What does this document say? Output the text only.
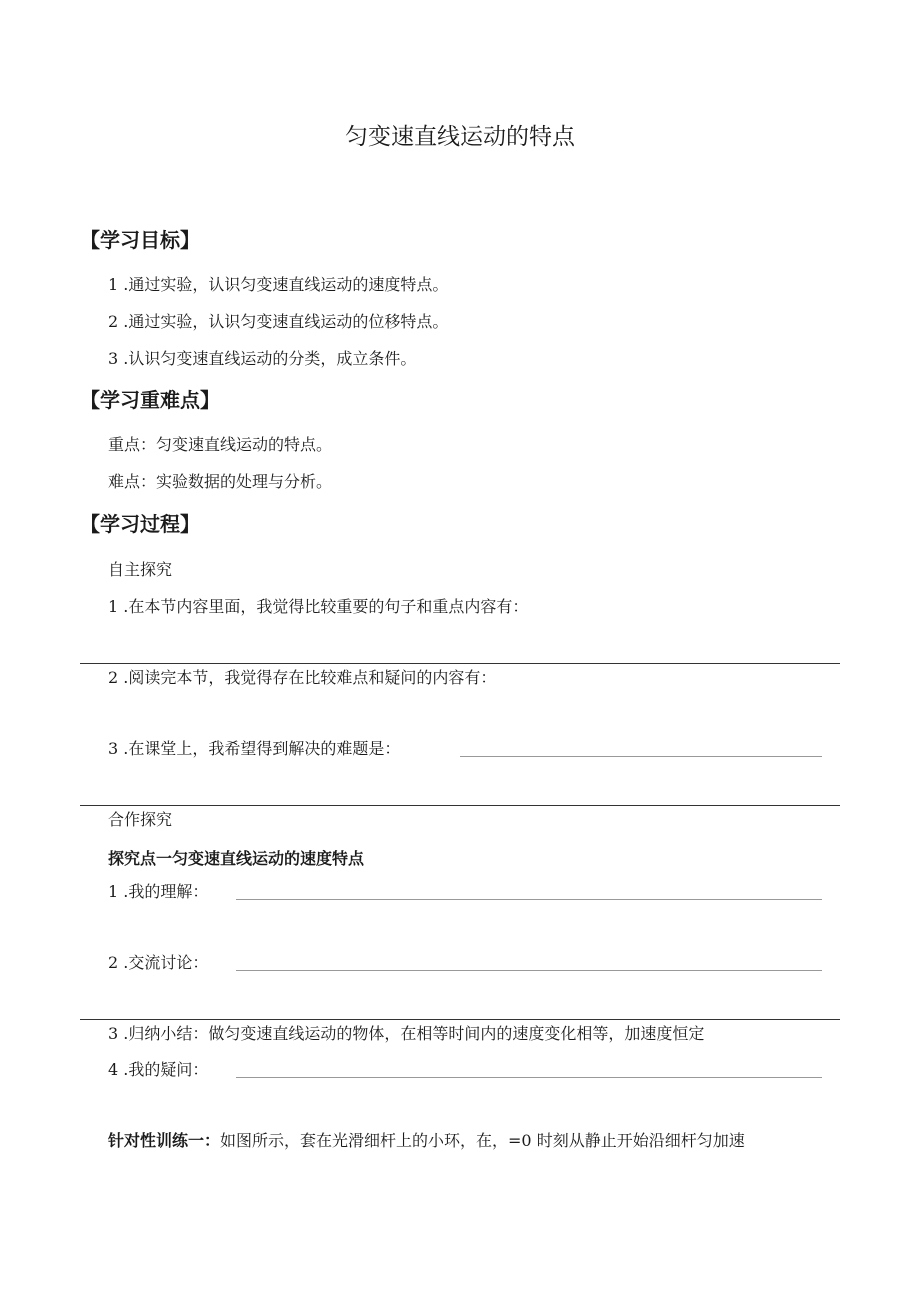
匀变速直线运动的特点
【学习目标】
1 .通过实验，认识匀变速直线运动的速度特点。
2 .通过实验，认识匀变速直线运动的位移特点。
3 .认识匀变速直线运动的分类，成立条件。
【学习重难点】
重点：匀变速直线运动的特点。
难点：实验数据的处理与分析。
【学习过程】
自主探究
1 .在本节内容里面，我觉得比较重要的句子和重点内容有：
2 .阅读完本节，我觉得存在比较难点和疑问的内容有：
3 .在课堂上，我希望得到解决的难题是：
合作探究
探究点一匀变速直线运动的速度特点
1 .我的理解：
2 .交流讨论：
3 .归纳小结：做匀变速直线运动的物体，在相等时间内的速度变化相等，加速度恒定
4 .我的疑问：
针对性训练一：如图所示，套在光滑细杆上的小环，在，=0 时刻从静止开始沿细杆匀加速
